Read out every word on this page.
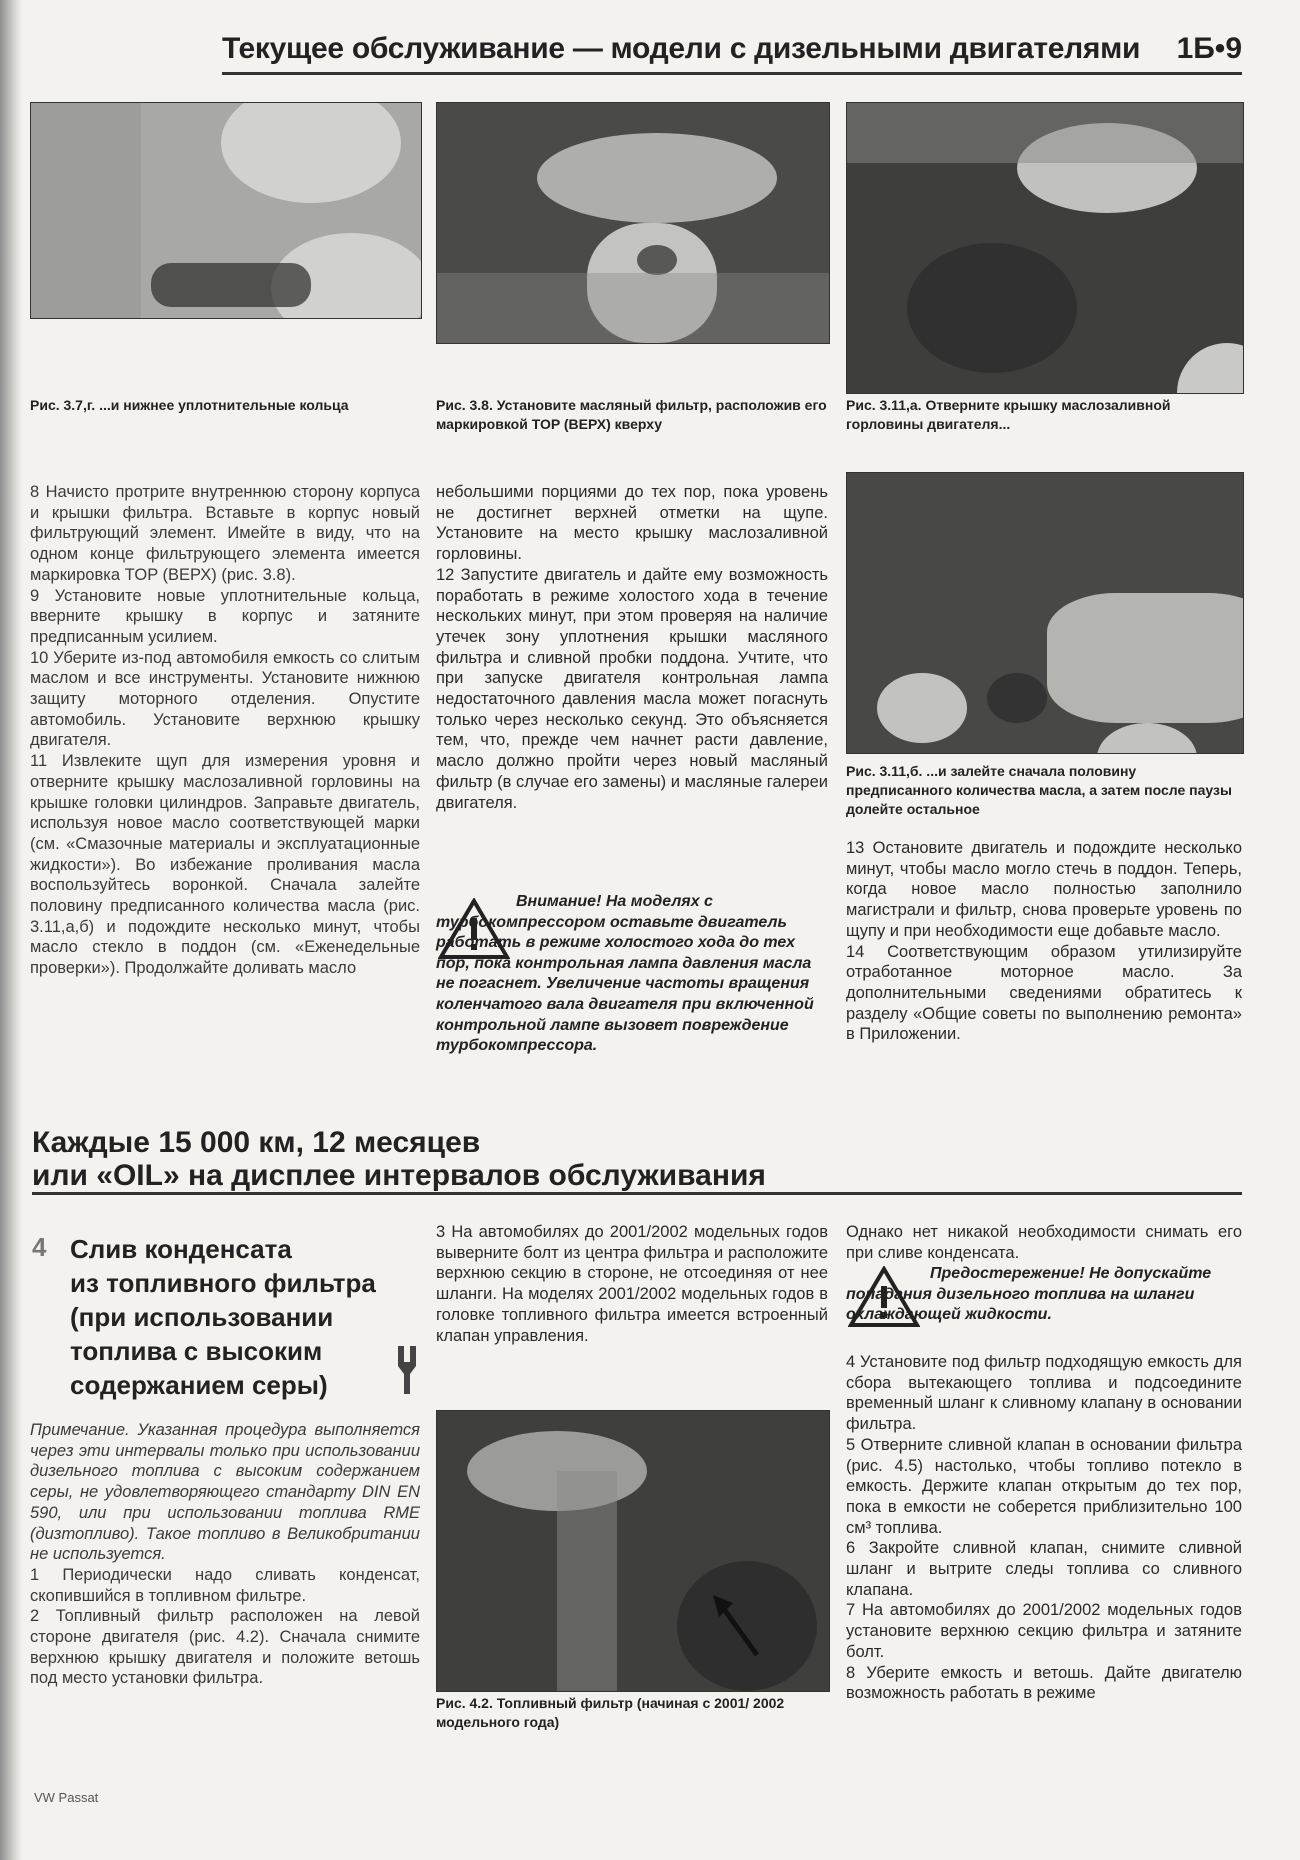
Текущее обслуживание — модели с дизельными двигателями 1Б•9
Рис. 3.7,г. ...и нижнее уплотнительные кольца	Рис. 3.8. Установите масляный фильтр, расположив его маркировкой TOP (ВЕРХ) кверху
Рис. 3.11,а. Отверните крышку маслозаливной горловины двигателя...
Рис. 3.11,б. ...и залейте сначала половину предписанного количества масла, а затем после паузы долейте остальное

8 Начисто протрите внутреннюю сторону корпуса и крышки фильтра. Вставьте в корпус новый фильтрующий элемент. Имейте в виду, что на одном конце фильтрующего элемента имеется маркировка TOP (ВЕРХ) (рис. 3.8).

9 Установите новые уплотнительные кольца, вверните крышку в корпус и затяните предписанным усилием.

10 Уберите из-под автомобиля емкость со слитым маслом и все инструменты. Установите нижнюю защиту моторного отделения. Опустите автомобиль. Установите верхнюю крышку двигателя.

11 Извлеките щуп для измерения уровня и отверните крышку маслозаливной горловины на крышке головки цилиндров. Заправьте двигатель, используя новое масло соответствующей марки (см. «Смазочные материалы и эксплуатационные жидкости»). Во избежание проливания масла воспользуйтесь воронкой. Сначала залейте половину предписанного количества масла (рис. 3.11,а,б) и подождите несколько минут, чтобы масло стекло в поддон (см. «Еженедельные проверки»). Продолжайте доливать масло

небольшими порциями до тех пор, пока уровень не достигнет верхней отметки на щупе. Установите на место крышку маслозаливной горловины.

12 Запустите двигатель и дайте ему возможность поработать в режиме холостого хода в течение нескольких минут, при этом проверяя на наличие утечек зону уплотнения крышки масляного фильтра и сливной пробки поддона. Учтите, что при запуске двигателя контрольная лампа недостаточного давления масла может погаснуть только через несколько секунд. Это объясняется тем, что, прежде чем начнет расти давление, масло должно пройти через новый масляный фильтр (в случае его замены) и масляные галереи двигателя.

Внимание! На моделях с турбокомпрессором оставьте двигатель работать в режиме холостого хода до тех пор, пока контрольная лампа давления масла не погаснет. Увеличение частоты вращения коленчатого вала двигателя при включенной контрольной лампе вызовет повреждение турбокомпрессора.

13 Остановите двигатель и подождите несколько минут, чтобы масло могло стечь в поддон. Теперь, когда новое масло полностью заполнило магистрали и фильтр, снова проверьте уровень по щупу и при необходимости еще добавьте масло.

14 Соответствующим образом утилизируйте отработанное моторное масло. За дополнительными сведениями обратитесь к разделу «Общие советы по выполнению ремонта» в Приложении.

Каждые 15 000 км, 12 месяцев
или «OIL» на дисплее интервалов обслуживания
4 Слив конденсата
из топливного фильтра
(при использовании
топлива с высоким
содержанием серы)

Примечание. Указанная процедура выполняется через эти интервалы только при использовании дизельного топлива с высоким содержанием серы, не удовлетворяющего стандарту DIN EN 590, или при использовании топлива RME (дизтопливо). Такое топливо в Великобритании не используется.

1 Периодически надо сливать конденсат, скопившийся в топливном фильтре.

2 Топливный фильтр расположен на левой стороне двигателя (рис. 4.2). Сначала снимите верхнюю крышку двигателя и положите ветошь под место установки фильтра.

3 На автомобилях до 2001/2002 модельных годов выверните болт из центра фильтра и расположите верхнюю секцию в стороне, не отсоединяя от нее шланги. На моделях 2001/2002 модельных годов в головке топливного фильтра имеется встроенный клапан управления.

Рис. 4.2. Топливный фильтр (начиная с 2001/ 2002 модельного года)
Однако нет никакой необходимости снимать его при сливе конденсата.
Предостережение! Не допускайте попадания дизельного топлива на шланги охлаждающей жидкости.

4 Установите под фильтр подходящую емкость для сбора вытекающего топлива и подсоедините временный шланг к сливному клапану в основании фильтра.

5 Отверните сливной клапан в основании фильтра (рис. 4.5) настолько, чтобы топливо потекло в емкость. Держите клапан открытым до тех пор, пока в емкости не соберется приблизительно 100 см³ топлива.

6 Закройте сливной клапан, снимите сливной шланг и вытрите следы топлива со сливного клапана.

7 На автомобилях до 2001/2002 модельных годов установите верхнюю секцию фильтра и затяните болт.

8 Уберите емкость и ветошь. Дайте двигателю возможность работать в режиме

VW Passat
